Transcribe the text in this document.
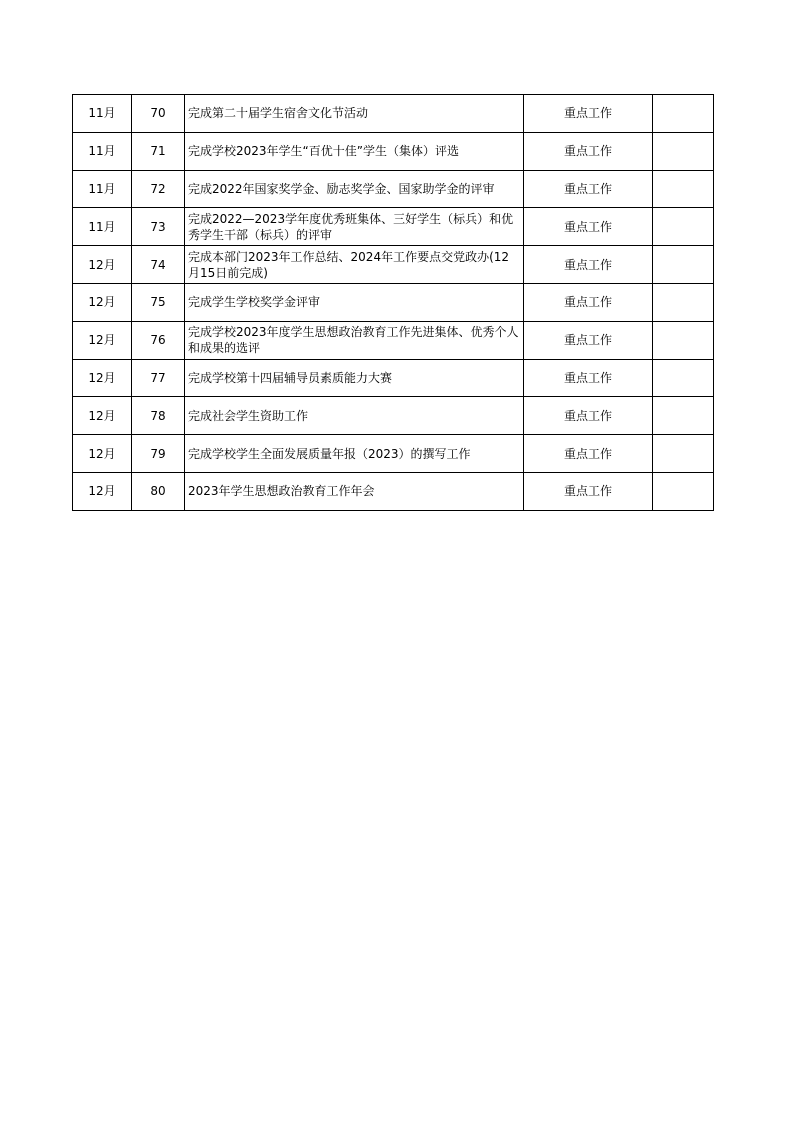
11月	70	完成第二十届学生宿舍文化节活动	重点工作	
11月	71	完成学校2023年学生“百优十佳”学生（集体）评选	重点工作	
11月	72	完成2022年国家奖学金、励志奖学金、国家助学金的评审	重点工作	
11月	73	完成2022—2023学年度优秀班集体、三好学生（标兵）和优秀学生干部（标兵）的评审	重点工作	
12月	74	完成本部门2023年工作总结、2024年工作要点交党政办(12月15日前完成)	重点工作	
12月	75	完成学生学校奖学金评审	重点工作	
12月	76	完成学校2023年度学生思想政治教育工作先进集体、优秀个人和成果的选评	重点工作	
12月	77	完成学校第十四届辅导员素质能力大赛	重点工作	
12月	78	完成社会学生资助工作	重点工作	
12月	79	完成学校学生全面发展质量年报（2023）的撰写工作	重点工作	
12月	80	2023年学生思想政治教育工作年会	重点工作	
